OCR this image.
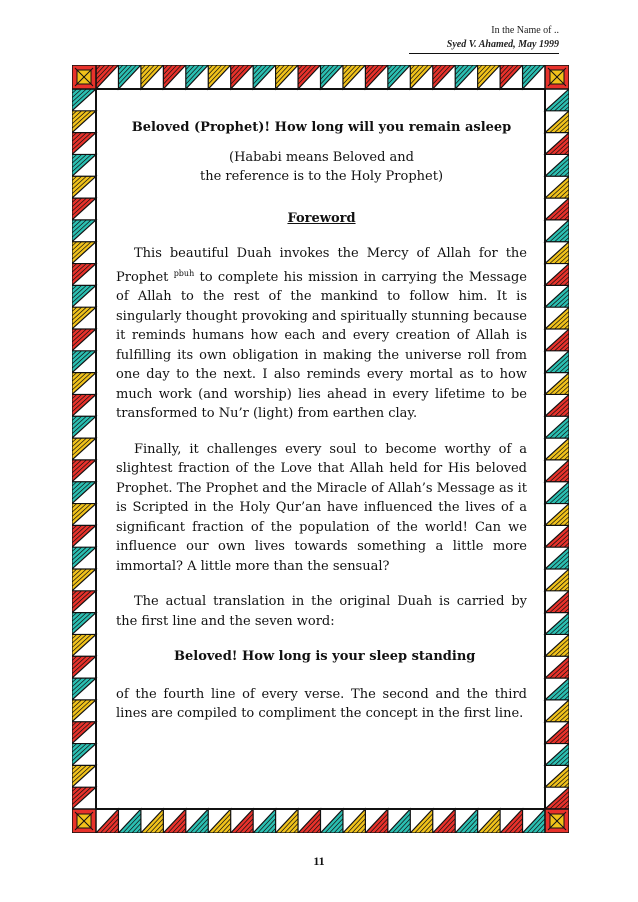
In the Name of ..
Syed V. Ahamed, May 1999
Beloved (Prophet)! How long will you remain asleep
(Hababi means Beloved and
the reference is to the Holy Prophet)
Foreword

This beautiful Duah invokes the Mercy of Allah for the Prophet $^{pbuh}$ to complete his mission in carrying the Message of Allah to the rest of the mankind to follow him. It is singularly thought provoking and spiritually stunning because it reminds humans how each and every creation of Allah is fulfilling its own obligation in making the universe roll from one day to the next. I also reminds every mortal as to how much work (and worship) lies ahead in every lifetime to be transformed to Nu’r (light) from earthen clay.

Finally, it challenges every soul to become worthy of a slightest fraction of the Love that Allah held for His beloved Prophet. The Prophet and the Miracle of Allah’s Message as it is Scripted in the Holy Qur’an have influenced the lives of a significant fraction of the population of the world! Can we influence our own lives towards something a little more immortal? A little more than the sensual?

The actual translation in the original Duah is carried by the first line and the seven word:

Beloved! How long is your sleep standing

of the fourth line of every verse. The second and the third lines are compiled to compliment the concept in the first line.

11
